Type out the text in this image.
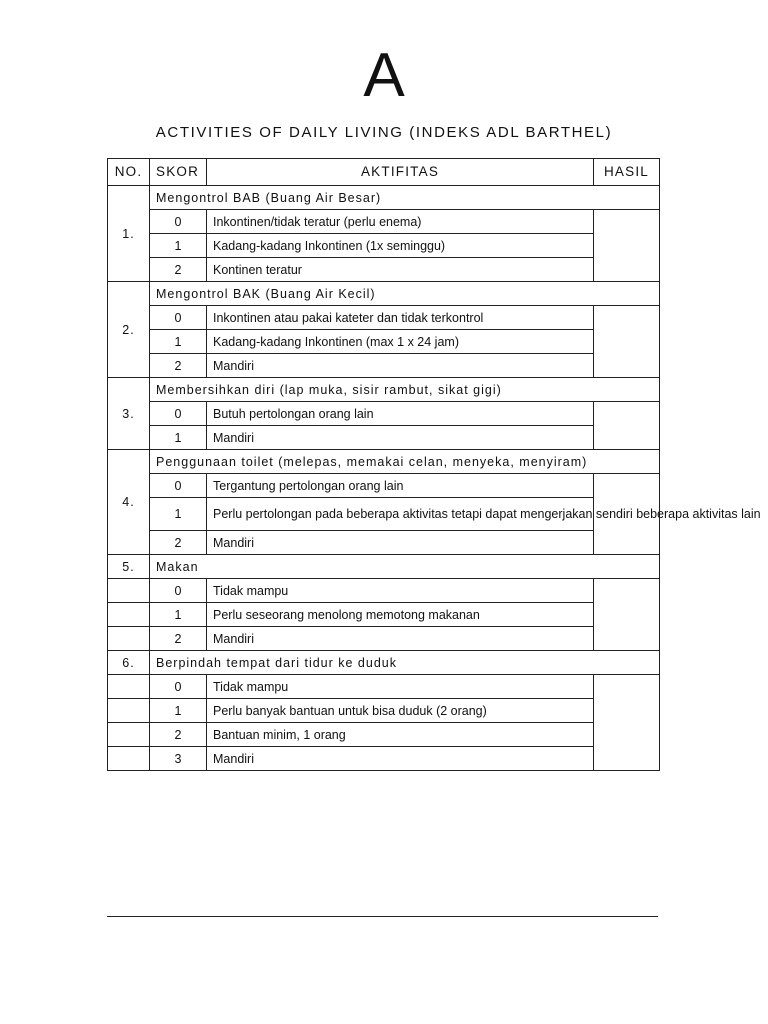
A
ACTIVITIES OF DAILY LIVING (INDEKS ADL BARTHEL)
NO.	SKOR	AKTIFITAS	HASIL
1.	Mengontrol BAB (Buang Air Besar)		
	0	Inkontinen/tidak teratur (perlu enema)	
	1	Kadang-kadang Inkontinen (1x seminggu)	
	2	Kontinen teratur	
2.	Mengontrol BAK (Buang Air Kecil)		
	0	Inkontinen atau pakai kateter dan tidak terkontrol	
	1	Kadang-kadang Inkontinen (max 1 x 24 jam)	
	2	Mandiri	
3.	Membersihkan diri (lap muka, sisir rambut, sikat gigi)		
	0	Butuh pertolongan orang lain	
	1	Mandiri	
4.	Penggunaan toilet (melepas, memakai celan, menyeka, menyiram)		
	0	Tergantung pertolongan orang lain	
	1	Perlu pertolongan pada beberapa aktivitas tetapi dapat mengerjakan sendiri beberapa aktivitas lain	
	2	Mandiri	
5.	Makan		
	0	Tidak mampu	
	1	Perlu seseorang menolong memotong makanan	
	2	Mandiri	
6.	Berpindah tempat dari tidur ke duduk		
	0	Tidak mampu	
	1	Perlu banyak bantuan untuk bisa duduk (2 orang)	
	2	Bantuan minim, 1 orang	
	3	Mandiri	
